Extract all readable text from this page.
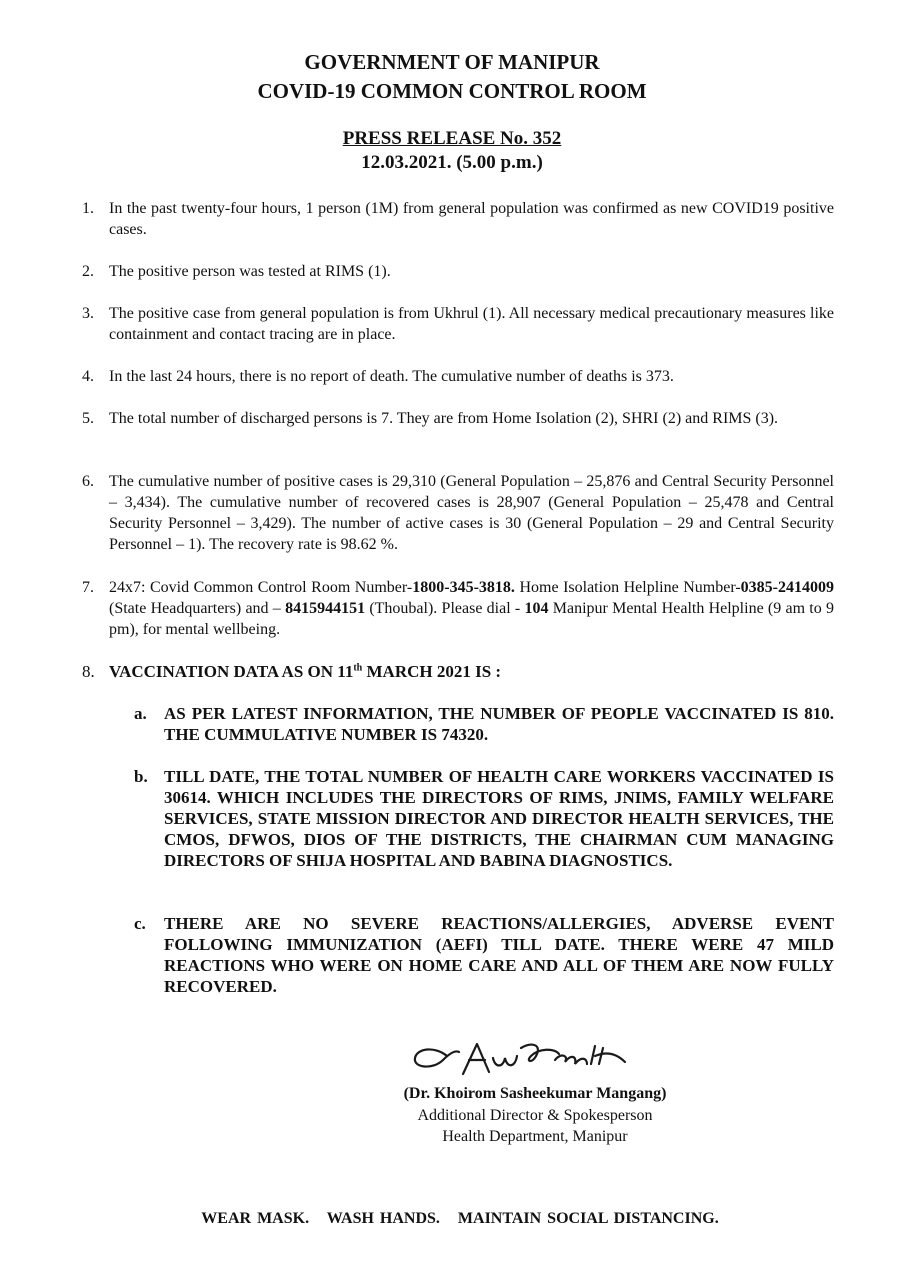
GOVERNMENT OF MANIPUR
COVID-19 COMMON CONTROL ROOM
PRESS RELEASE No. 352
12.03.2021. (5.00 p.m.)
1. In the past twenty-four hours, 1 person (1M) from general population was confirmed as new COVID19 positive cases.
2. The positive person was tested at RIMS (1).
3. The positive case from general population is from Ukhrul (1). All necessary medical precautionary measures like containment and contact tracing are in place.
4. In the last 24 hours, there is no report of death. The cumulative number of deaths is 373.
5. The total number of discharged persons is 7. They are from Home Isolation (2), SHRI (2) and RIMS (3).
6. The cumulative number of positive cases is 29,310 (General Population – 25,876 and Central Security Personnel – 3,434). The cumulative number of recovered cases is 28,907 (General Population – 25,478 and Central Security Personnel – 3,429). The number of active cases is 30 (General Population – 29 and Central Security Personnel – 1). The recovery rate is 98.62 %.
7. 24x7: Covid Common Control Room Number-1800-345-3818. Home Isolation Helpline Number-0385-2414009 (State Headquarters) and – 8415944151 (Thoubal). Please dial - 104 Manipur Mental Health Helpline (9 am to 9 pm), for mental wellbeing.
8. VACCINATION DATA AS ON 11th MARCH 2021 IS :
a.	AS PER LATEST INFORMATION, THE NUMBER OF PEOPLE VACCINATED IS 810. THE CUMMULATIVE NUMBER IS 74320.
b. TILL DATE, THE TOTAL NUMBER OF HEALTH CARE WORKERS VACCINATED IS 30614. WHICH INCLUDES THE DIRECTORS OF RIMS, JNIMS, FAMILY WELFARE SERVICES, STATE MISSION DIRECTOR AND DIRECTOR HEALTH SERVICES, THE CMOS, DFWOS, DIOS OF THE DISTRICTS, THE CHAIRMAN CUM MANAGING DIRECTORS OF SHIJA HOSPITAL AND BABINA DIAGNOSTICS.
c.	THERE ARE NO SEVERE REACTIONS/ALLERGIES, ADVERSE EVENT FOLLOWING IMMUNIZATION (AEFI) TILL DATE. THERE WERE 47 MILD REACTIONS WHO WERE ON HOME CARE AND ALL OF THEM ARE NOW FULLY RECOVERED.
(Dr. Khoirom Sasheekumar Mangang)
Additional Director & Spokesperson
Health Department, Manipur
WEAR MASK.   WASH HANDS.   MAINTAIN SOCIAL DISTANCING.
